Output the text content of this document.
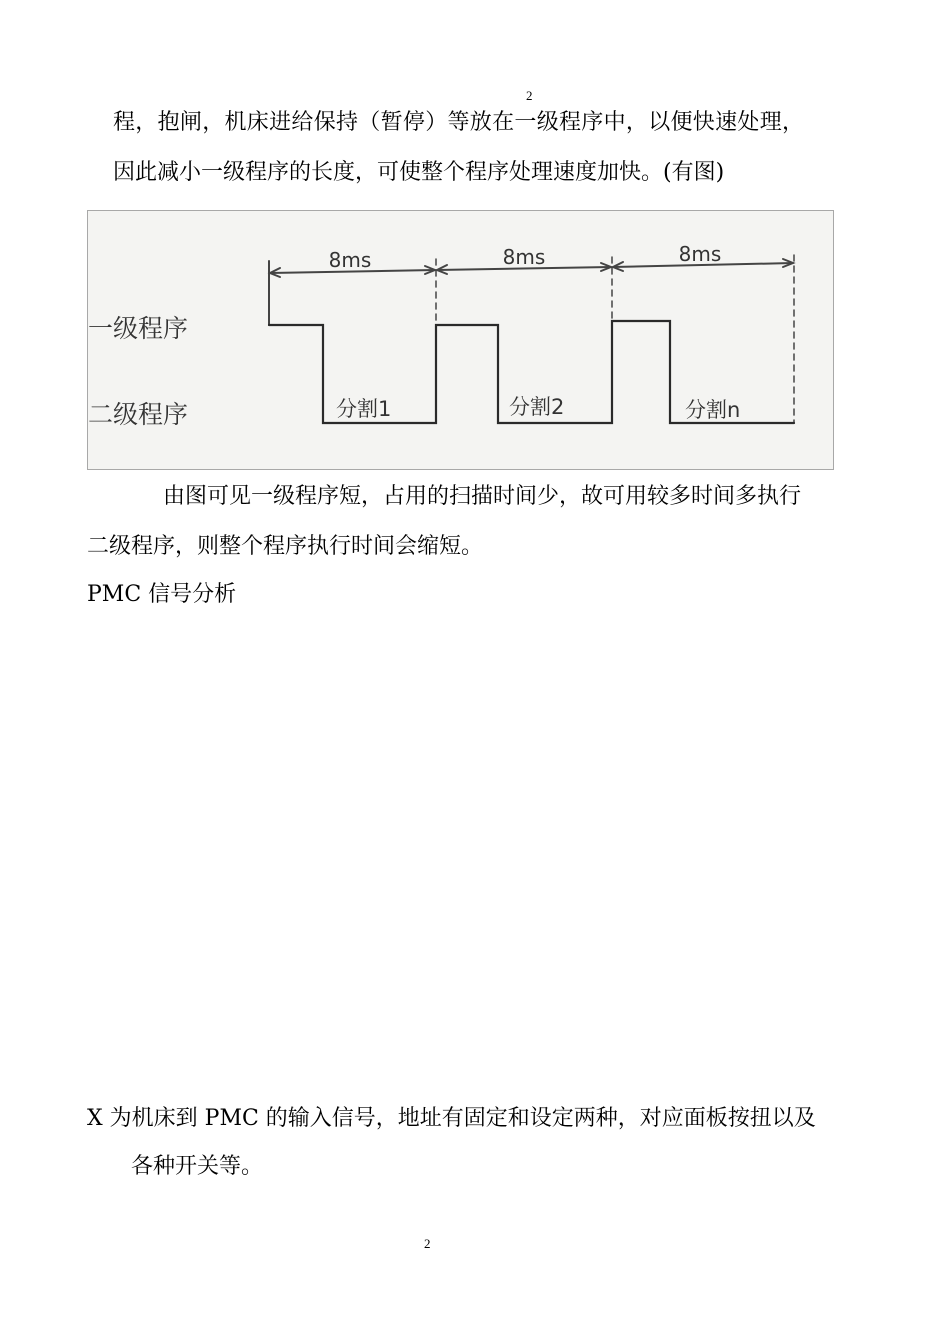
2
程，抱闸，机床进给保持（暂停）等放在一级程序中，以便快速处理，
因此减小一级程序的长度，可使整个程序处理速度加快。(有图)
8ms	8ms	8ms
一级程序
二级程序	分割1	分割2	分割n
由图可见一级程序短，占用的扫描时间少，故可用较多时间多执行
二级程序，则整个程序执行时间会缩短。
PMC 信号分析
X 为机床到 PMC 的输入信号，地址有固定和设定两种，对应面板按扭以及
各种开关等。
2
